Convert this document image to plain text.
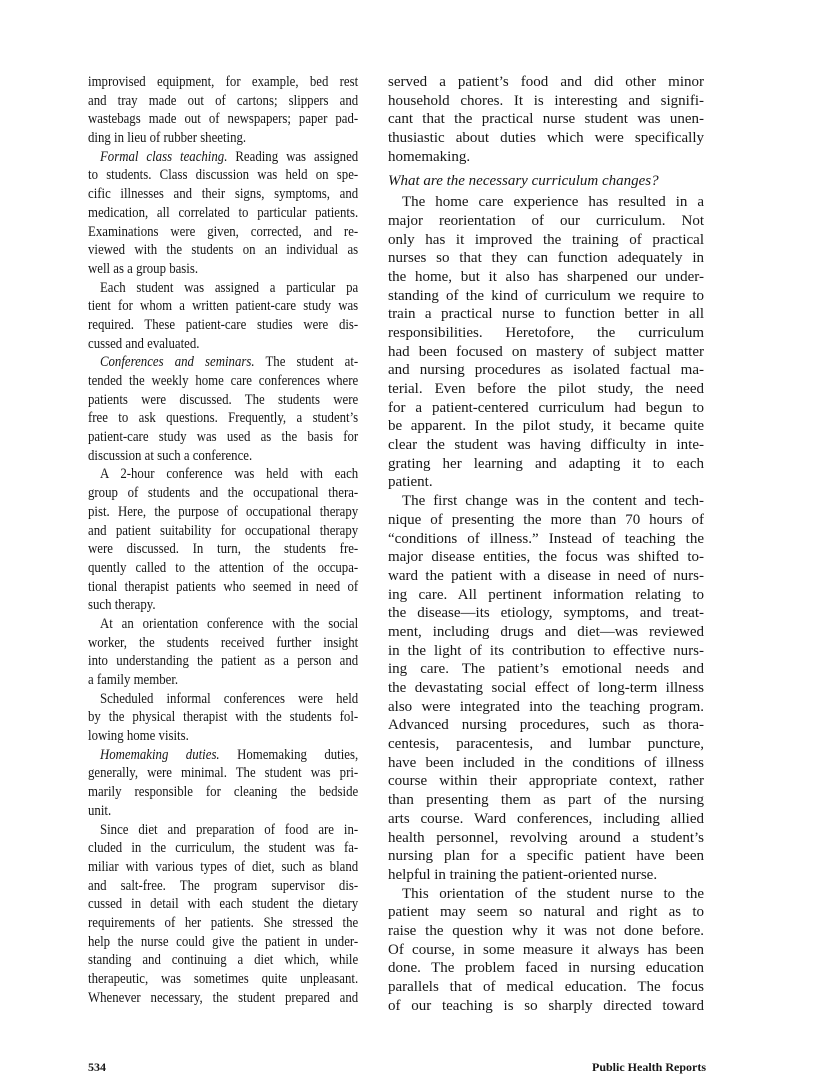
improvised equipment, for example, bed rest
and tray made out of cartons; slippers and
wastebags made out of newspapers; paper pad-
ding in lieu of rubber sheeting.
Formal class teaching. Reading was assigned
to students. Class discussion was held on spe-
cific illnesses and their signs, symptoms, and
medication, all correlated to particular patients.
Examinations were given, corrected, and re-
viewed with the students on an individual as
well as a group basis.
Each student was assigned a particular pa
tient for whom a written patient-care study was
required. These patient-care studies were dis-
cussed and evaluated.
Conferences and seminars. The student at-
tended the weekly home care conferences where
patients were discussed. The students were
free to ask questions. Frequently, a student’s
patient-care study was used as the basis for
discussion at such a conference.
A 2-hour conference was held with each
group of students and the occupational thera-
pist. Here, the purpose of occupational therapy
and patient suitability for occupational therapy
were discussed. In turn, the students fre-
quently called to the attention of the occupa-
tional therapist patients who seemed in need of
such therapy.
At an orientation conference with the social
worker, the students received further insight
into understanding the patient as a person and
a family member.
Scheduled informal conferences were held
by the physical therapist with the students fol-
lowing home visits.
Homemaking duties. Homemaking duties,
generally, were minimal. The student was pri-
marily responsible for cleaning the bedside
unit.
Since diet and preparation of food are in-
cluded in the curriculum, the student was fa-
miliar with various types of diet, such as bland
and salt-free. The program supervisor dis-
cussed in detail with each student the dietary
requirements of her patients. She stressed the
help the nurse could give the patient in under-
standing and continuing a diet which, while
therapeutic, was sometimes quite unpleasant.
Whenever necessary, the student prepared and
served a patient’s food and did other minor
household chores. It is interesting and signifi-
cant that the practical nurse student was unen-
thusiastic about duties which were specifically
homemaking.
What are the necessary curriculum changes?
The home care experience has resulted in a
major reorientation of our curriculum. Not
only has it improved the training of practical
nurses so that they can function adequately in
the home, but it also has sharpened our under-
standing of the kind of curriculum we require to
train a practical nurse to function better in all
responsibilities. Heretofore, the curriculum
had been focused on mastery of subject matter
and nursing procedures as isolated factual ma-
terial. Even before the pilot study, the need
for a patient-centered curriculum had begun to
be apparent. In the pilot study, it became quite
clear the student was having difficulty in inte-
grating her learning and adapting it to each
patient.
The first change was in the content and tech-
nique of presenting the more than 70 hours of
“conditions of illness.” Instead of teaching the
major disease entities, the focus was shifted to-
ward the patient with a disease in need of nurs-
ing care. All pertinent information relating to
the disease—its etiology, symptoms, and treat-
ment, including drugs and diet—was reviewed
in the light of its contribution to effective nurs-
ing care. The patient’s emotional needs and
the devastating social effect of long-term illness
also were integrated into the teaching program.
Advanced nursing procedures, such as thora-
centesis, paracentesis, and lumbar puncture,
have been included in the conditions of illness
course within their appropriate context, rather
than presenting them as part of the nursing
arts course. Ward conferences, including allied
health personnel, revolving around a student’s
nursing plan for a specific patient have been
helpful in training the patient-oriented nurse.
This orientation of the student nurse to the
patient may seem so natural and right as to
raise the question why it was not done before.
Of course, in some measure it always has been
done. The problem faced in nursing education
parallels that of medical education. The focus
of our teaching is so sharply directed toward
534	Public Health Reports
